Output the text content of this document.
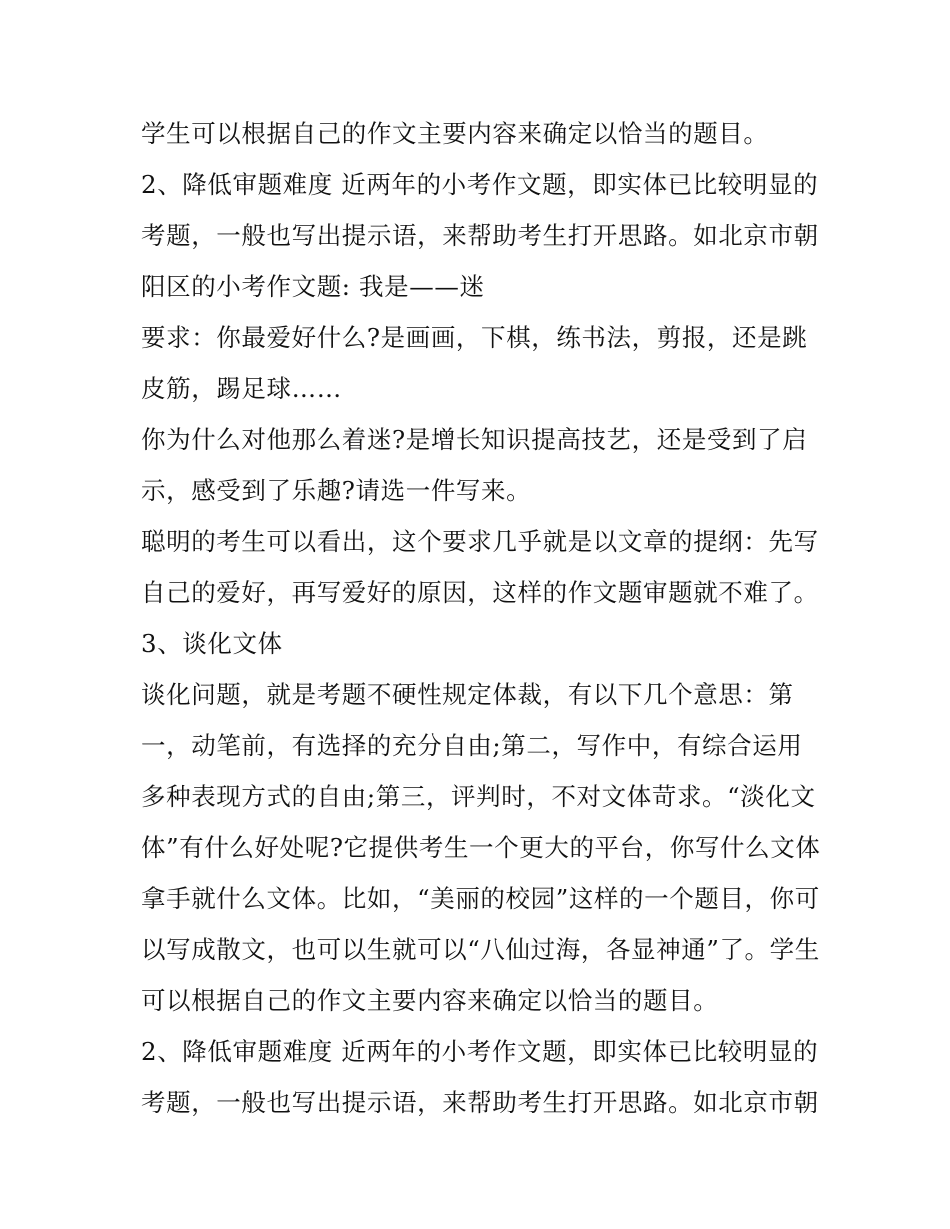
学生可以根据自己的作文主要内容来确定以恰当的题目。
2、降低审题难度 近两年的小考作文题，即实体已比较明显的
考题，一般也写出提示语，来帮助考生打开思路。如北京市朝
阳区的小考作文题: 我是——迷
要求：你最爱好什么?是画画，下棋，练书法，剪报，还是跳
皮筋，踢足球……
你为什么对他那么着迷?是增长知识提高技艺，还是受到了启
示，感受到了乐趣?请选一件写来。
聪明的考生可以看出，这个要求几乎就是以文章的提纲：先写
自己的爱好，再写爱好的原因，这样的作文题审题就不难了。
3、谈化文体
谈化问题，就是考题不硬性规定体裁，有以下几个意思：第
一，动笔前，有选择的充分自由;第二，写作中，有综合运用
多种表现方式的自由;第三，评判时，不对文体苛求。“淡化文
体”有什么好处呢?它提供考生一个更大的平台，你写什么文体
拿手就什么文体。比如，“美丽的校园”这样的一个题目，你可
以写成散文，也可以生就可以“八仙过海，各显神通”了。学生
可以根据自己的作文主要内容来确定以恰当的题目。
2、降低审题难度 近两年的小考作文题，即实体已比较明显的
考题，一般也写出提示语，来帮助考生打开思路。如北京市朝
